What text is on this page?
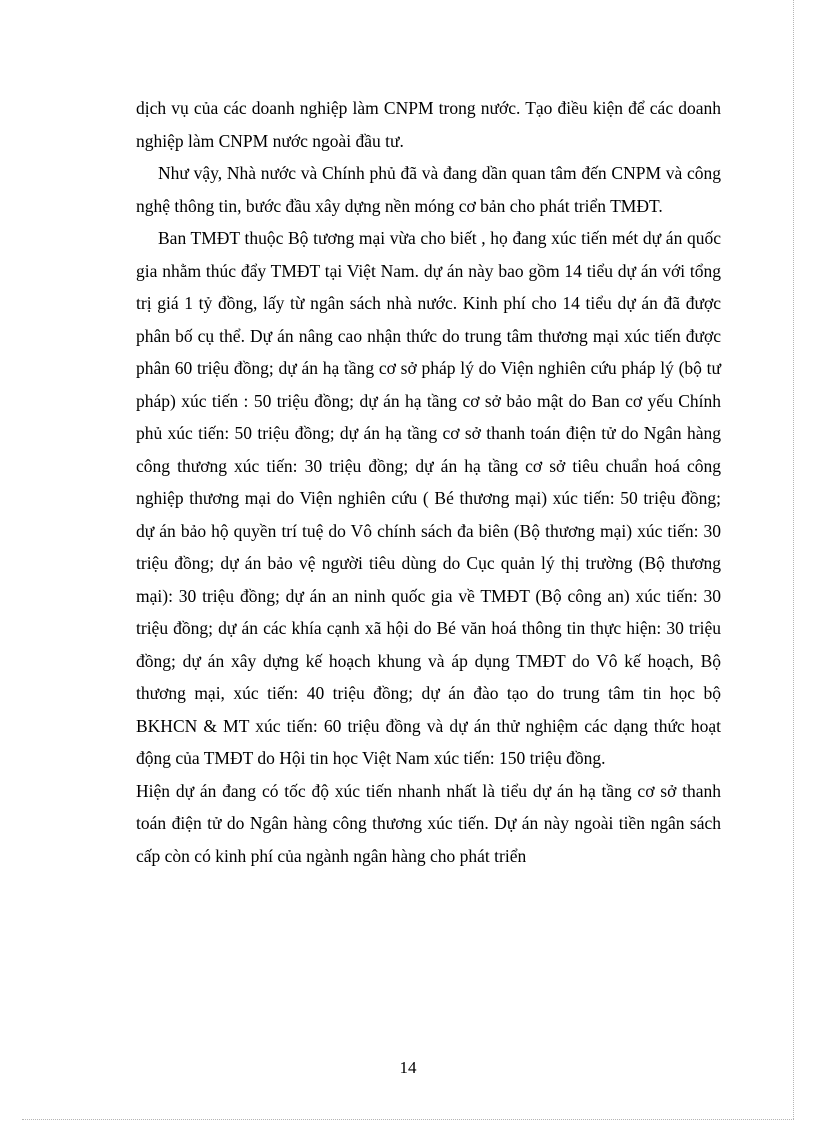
dịch vụ của các doanh nghiệp làm CNPM trong nước. Tạo điều kiện để các doanh nghiệp làm CNPM nước ngoài đầu tư.

Như vậy, Nhà nước và Chính phủ đã và đang dần quan tâm đến CNPM và công nghệ thông tin, bước đầu xây dựng nền móng cơ bản cho phát triển TMĐT.

Ban TMĐT thuộc Bộ tương mại vừa cho biết , họ đang xúc tiến mét dự án quốc gia nhằm thúc đẩy TMĐT tại Việt Nam. dự án này bao gồm 14 tiểu dự án với tổng trị giá 1 tỷ đồng, lấy từ ngân sách nhà nước. Kinh phí cho 14 tiểu dự án đã được phân bố cụ thể. Dự án nâng cao nhận thức do trung tâm thương mại xúc tiến được phân 60 triệu đồng; dự án hạ tầng cơ sở pháp lý do Viện nghiên cứu pháp lý (bộ tư pháp) xúc tiến : 50 triệu đồng; dự án hạ tầng cơ sở bảo mật do Ban cơ yếu Chính phủ xúc tiến: 50 triệu đồng; dự án hạ tầng cơ sở thanh toán điện tử do Ngân hàng công thương xúc tiến: 30 triệu đồng; dự án hạ tầng cơ sở tiêu chuẩn hoá công nghiệp thương mại do Viện nghiên cứu ( Bé thương mại) xúc tiến: 50 triệu đồng; dự án bảo hộ quyền trí tuệ do Vô chính sách đa biên (Bộ thương mại) xúc tiến: 30 triệu đồng; dự án bảo vệ người tiêu dùng do Cục quản lý thị trường (Bộ thương mại): 30 triệu đồng; dự án an ninh quốc gia về TMĐT (Bộ công an) xúc tiến: 30 triệu đồng; dự án các khía cạnh xã hội do Bé văn hoá thông tin thực hiện: 30 triệu đồng; dự án xây dựng kế hoạch khung và áp dụng TMĐT do Vô kế hoạch, Bộ thương mại, xúc tiến: 40 triệu đồng; dự án đào tạo do trung tâm tin học bộ BKHCN & MT xúc tiến: 60 triệu đồng và dự án thử nghiệm các dạng thức hoạt động của TMĐT do Hội tin học Việt Nam xúc tiến: 150 triệu đồng.

Hiện dự án đang có tốc độ xúc tiến nhanh nhất là tiểu dự án hạ tầng cơ sở thanh toán điện tử do Ngân hàng công thương xúc tiến. Dự án này ngoài tiền ngân sách cấp còn có kinh phí của ngành ngân hàng cho phát triển

14
